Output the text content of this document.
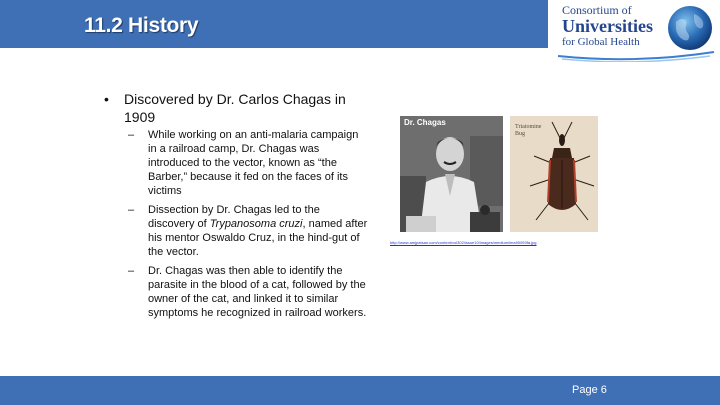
11.2 History
Consortium of
Universities
for Global Health
• Discovered by Dr. Carlos Chagas in 1909
– While working on an anti-malaria campaign in a railroad camp, Dr. Chagas was introduced to the vector, known as “the Barber,” because it fed on the faces of its victims
– Dissection by Dr. Chagas led to the discovery of Trypanosoma cruzi, named after his mentor Oswaldo Cruz, in the hind-gut of the vector.
– Dr. Chagas was then able to identify the parasite in the blood of a cat, followed by the owner of the cat, and linked it to similar symptoms he recognized in railroad workers.
Dr. Chagas	Triatomine
Bug
http://www.amjpatsan.com/content/vol302/issue10/images/medium/ima90093fa.jpg
Page 6
